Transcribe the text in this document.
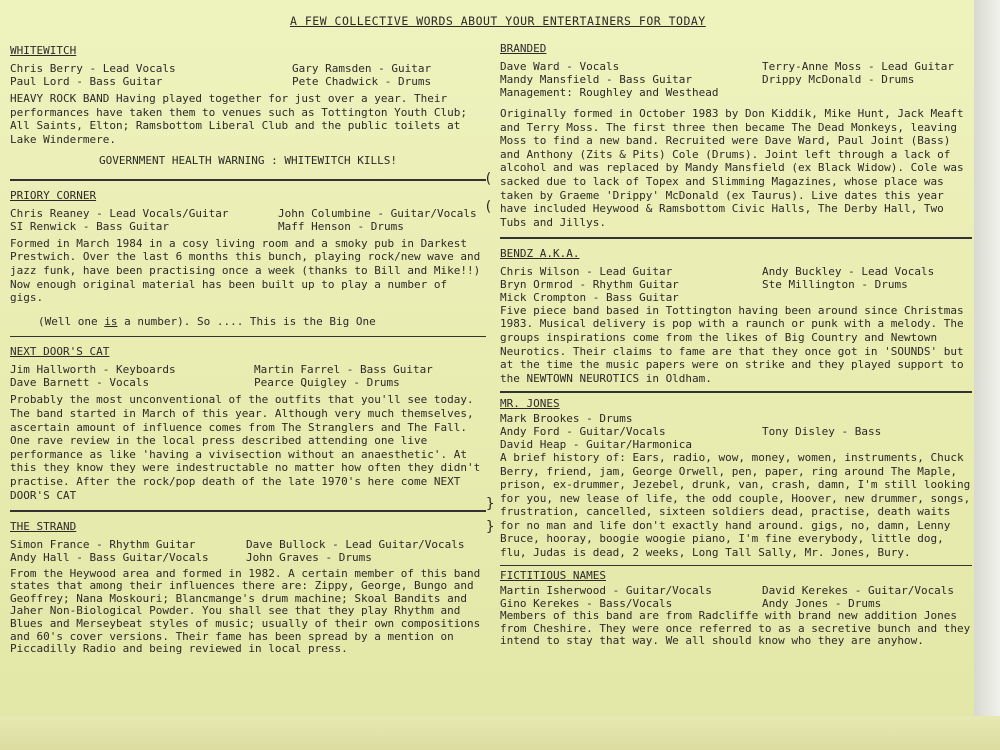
A FEW COLLECTIVE WORDS ABOUT YOUR ENTERTAINERS FOR TODAY
WHITEWITCH
Chris Berry - Lead Vocals	Gary Ramsden - Guitar
Paul Lord - Bass Guitar	Pete Chadwick - Drums
HEAVY ROCK BAND Having played together for just over a year. Their performances have taken them to venues such as Tottington Youth Club; All Saints, Elton; Ramsbottom Liberal Club and the public toilets at Lake Windermere.
GOVERNMENT HEALTH WARNING : WHITEWITCH KILLS!
PRIORY CORNER
Chris Reaney - Lead Vocals/Guitar	John Columbine - Guitar/Vocals
SI Renwick - Bass Guitar	Maff Henson - Drums
Formed in March 1984 in a cosy living room and a smoky pub in Darkest Prestwich. Over the last 6 months this bunch, playing rock/new wave and jazz funk, have been practising once a week (thanks to Bill and Mike!!) Now enough original material has been built up to play a number of gigs.
(Well one is a number). So .... This is the Big One
NEXT DOOR'S CAT
Jim Hallworth - Keyboards	Martin Farrel - Bass Guitar
Dave Barnett - Vocals	Pearce Quigley - Drums
Probably the most unconventional of the outfits that you'll see today. The band started in March of this year. Although very much themselves, ascertain amount of influence comes from The Stranglers and The Fall. One rave review in the local press described attending one live performance as like 'having a vivisection without an anaesthetic'. At this they know they were indestructable no matter how often they didn't practise. After the rock/pop death of the late 1970's here come NEXT DOOR'S CAT
THE STRAND
Simon France - Rhythm Guitar	Dave Bullock - Lead Guitar/Vocals
Andy Hall - Bass Guitar/Vocals	John Graves - Drums
From the Heywood area and formed in 1982. A certain member of this band states that among their influences there are: Zippy, George, Bungo and Geoffrey; Nana Moskouri; Blancmange's drum machine; Skoal Bandits and Jaher Non-Biological Powder. You shall see that they play Rhythm and Blues and Merseybeat styles of music; usually of their own compositions and 60's cover versions. Their fame has been spread by a mention on Piccadilly Radio and being reviewed in local press.
BRANDED
Dave Ward - Vocals	Terry-Anne Moss - Lead Guitar
Mandy Mansfield - Bass Guitar	Drippy McDonald - Drums
Management: Roughley and Westhead
Originally formed in October 1983 by Don Kiddik, Mike Hunt, Jack Meaft and Terry Moss. The first three then became The Dead Monkeys, leaving Moss to find a new band. Recruited were Dave Ward, Paul Joint (Bass) and Anthony (Zits & Pits) Cole (Drums). Joint left through a lack of alcohol and was replaced by Mandy Mansfield (ex Black Widow). Cole was sacked due to lack of Topex and Slimming Magazines, whose place was taken by Graeme 'Drippy' McDonald (ex Taurus). Live dates this year have included Heywood & Ramsbottom Civic Halls, The Derby Hall, Two Tubs and Jillys.
BENDZ A.K.A.
Chris Wilson - Lead Guitar	Andy Buckley - Lead Vocals
Bryn Ormrod - Rhythm Guitar	Ste Millington - Drums
Mick Crompton - Bass Guitar
Five piece band based in Tottington having been around since Christmas 1983. Musical delivery is pop with a raunch or punk with a melody. The groups inspirations come from the likes of Big Country and Newtown Neurotics. Their claims to fame are that they once got in 'SOUNDS' but at the time the music papers were on strike and they played support to the NEWTOWN NEUROTICS in Oldham.
MR. JONES
Mark Brookes - Drums
Andy Ford - Guitar/Vocals	Tony Disley - Bass
David Heap - Guitar/Harmonica
A brief history of: Ears, radio, wow, money, women, instruments, Chuck Berry, friend, jam, George Orwell, pen, paper, ring around The Maple, prison, ex-drummer, Jezebel, drunk, van, crash, damn, I'm still looking for you, new lease of life, the odd couple, Hoover, new drummer, songs, frustration, cancelled, sixteen soldiers dead, practise, death waits for no man and life don't exactly hand around. gigs, no, damn, Lenny Bruce, hooray, boogie woogie piano, I'm fine everybody, little dog, flu, Judas is dead, 2 weeks, Long Tall Sally, Mr. Jones, Bury.
FICTITIOUS NAMES
Martin Isherwood - Guitar/Vocals	David Kerekes - Guitar/Vocals
Gino Kerekes - Bass/Vocals	Andy Jones - Drums
Members of this band are from Radcliffe with brand new addition Jones from Cheshire. They were once referred to as a secretive bunch and they intend to stay that way. We all should know who they are anyhow.
(
(
}
}
